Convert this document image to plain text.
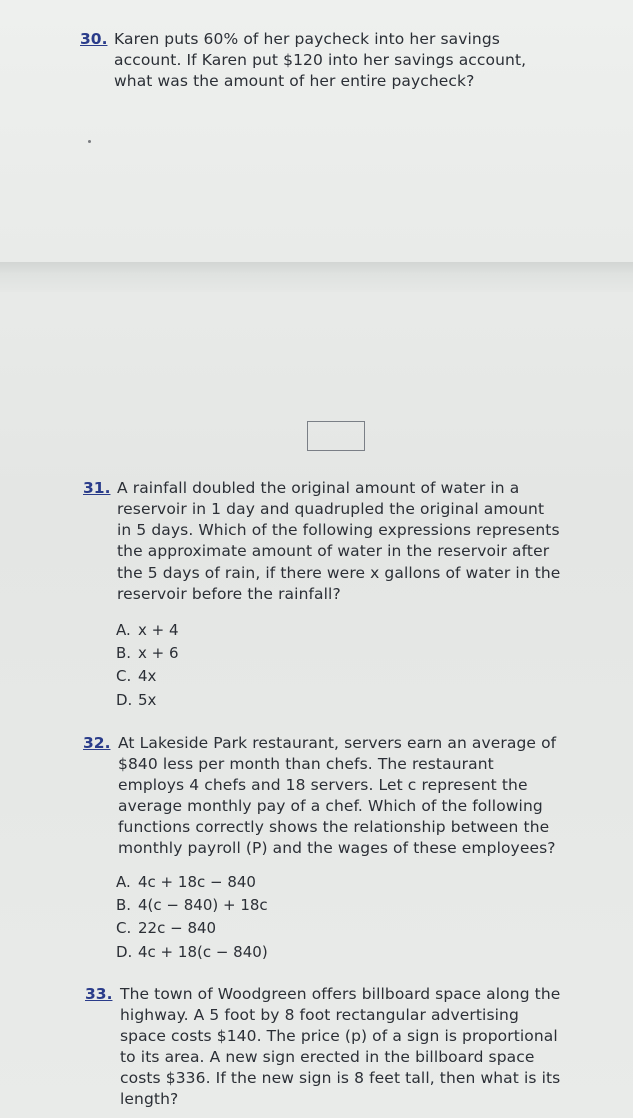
30. Karen puts 60% of her paycheck into her savings
account. If Karen put $120 into her savings account,
what was the amount of her entire paycheck?
31. A rainfall doubled the original amount of water in a
reservoir in 1 day and quadrupled the original amount
in 5 days. Which of the following expressions represents
the approximate amount of water in the reservoir after
the 5 days of rain, if there were x gallons of water in the
reservoir before the rainfall?
A. x + 4
B. x + 6
C. 4x
D. 5x
32. At Lakeside Park restaurant, servers earn an average of
$840 less per month than chefs. The restaurant
employs 4 chefs and 18 servers. Let c represent the
average monthly pay of a chef. Which of the following
functions correctly shows the relationship between the
monthly payroll (P) and the wages of these employees?
A. 4c + 18c − 840
B. 4(c − 840) + 18c
C. 22c − 840
D. 4c + 18(c − 840)
33. The town of Woodgreen offers billboard space along the
highway. A 5 foot by 8 foot rectangular advertising
space costs $140. The price (p) of a sign is proportional
to its area. A new sign erected in the billboard space
costs $336. If the new sign is 8 feet tall, then what is its
length?
